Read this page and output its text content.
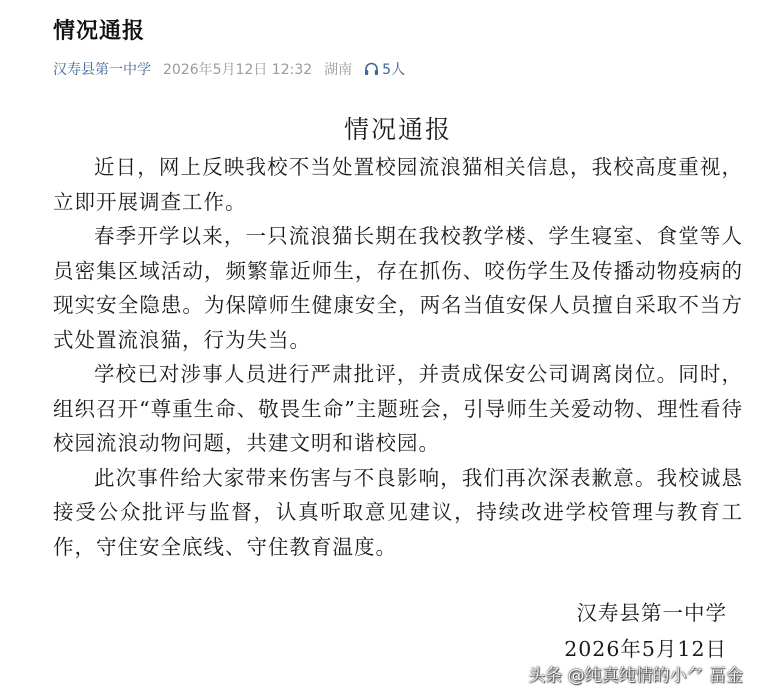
情况通报
汉寿县第一中学 2026年5月12日 12:32 湖南 5人
情况通报

近日，网上反映我校不当处置校园流浪猫相关信息，我校高度重视，立即开展调查工作。

春季开学以来，一只流浪猫长期在我校教学楼、学生寝室、食堂等人员密集区域活动，频繁靠近师生，存在抓伤、咬伤学生及传播动物疫病的现实安全隐患。为保障师生健康安全，两名当值安保人员擅自采取不当方式处置流浪猫，行为失当。

学校已对涉事人员进行严肃批评，并责成保安公司调离岗位。同时，组织召开“尊重生命、敬畏生命”主题班会，引导师生关爱动物、理性看待校园流浪动物问题，共建文明和谐校园。

此次事件给大家带来伤害与不良影响，我们再次深表歉意。我校诚恳接受公众批评与监督，认真听取意见建议，持续改进学校管理与教育工作，守住安全底线、守住教育温度。

汉寿县第一中学
2026年5月12日
头条 @纯真纯情的小⺈ 畐金
